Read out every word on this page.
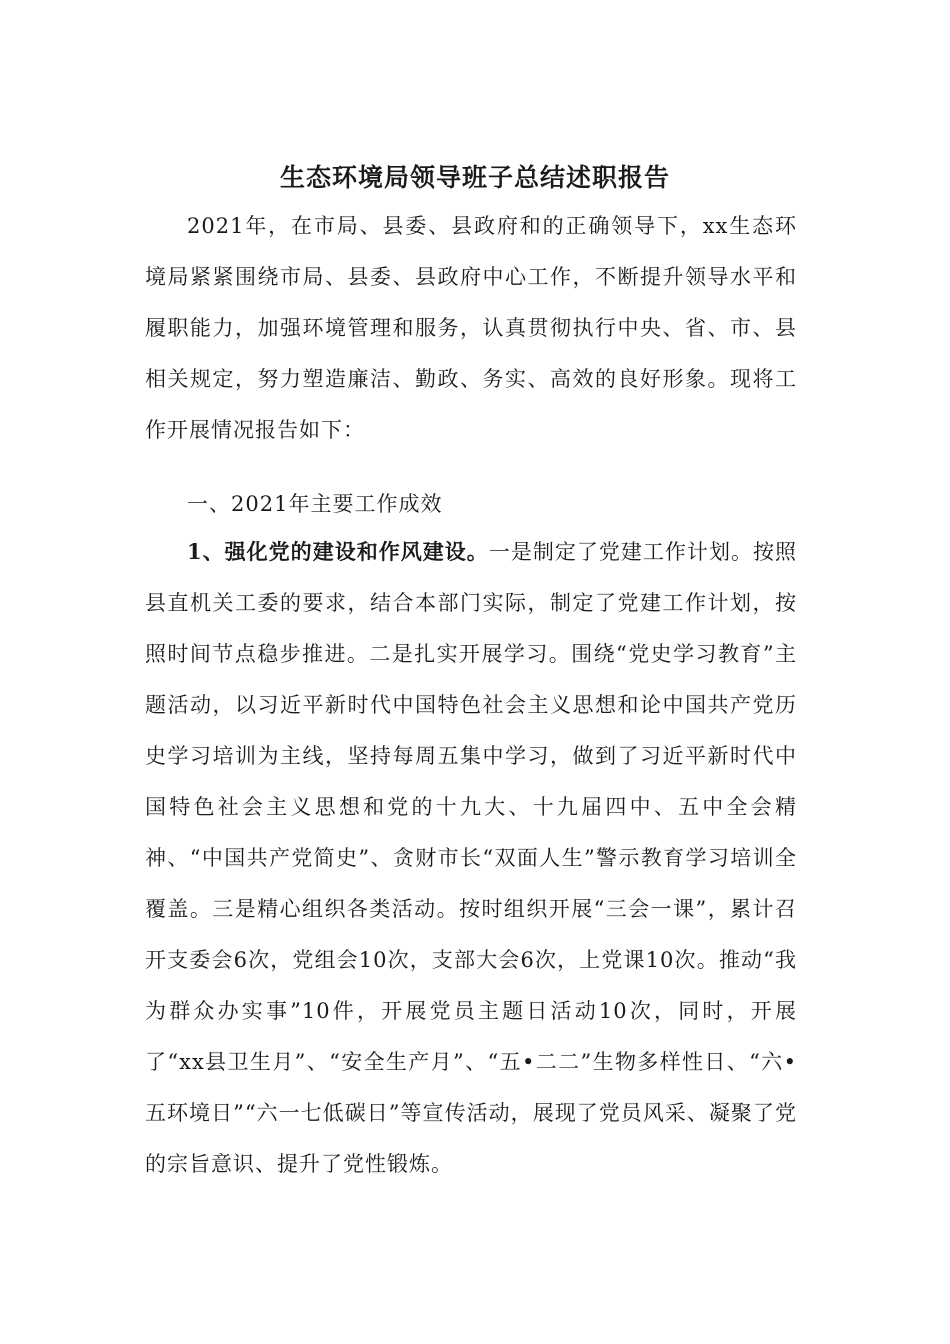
生态环境局领导班子总结述职报告

2021年，在市局、县委、县政府和的正确领导下，xx生态环境局紧紧围绕市局、县委、县政府中心工作，不断提升领导水平和履职能力，加强环境管理和服务，认真贯彻执行中央、省、市、县相关规定，努力塑造廉洁、勤政、务实、高效的良好形象。现将工作开展情况报告如下：

一、2021年主要工作成效

1、强化党的建设和作风建设。一是制定了党建工作计划。按照县直机关工委的要求，结合本部门实际，制定了党建工作计划，按照时间节点稳步推进。二是扎实开展学习。围绕“党史学习教育”主题活动，以习近平新时代中国特色社会主义思想和论中国共产党历史学习培训为主线，坚持每周五集中学习，做到了习近平新时代中国特色社会主义思想和党的十九大、十九届四中、五中全会精神、“中国共产党简史”、贪财市长“双面人生”警示教育学习培训全覆盖。三是精心组织各类活动。按时组织开展“三会一课”，累计召开支委会6次，党组会10次，支部大会6次，上党课10次。推动“我为群众办实事”10件，开展党员主题日活动10次，同时，开展了“xx县卫生月”、“安全生产月”、“五•二二”生物多样性日、“六•五环境日”“六一七低碳日”等宣传活动，展现了党员风采、凝聚了党的宗旨意识、提升了党性锻炼。
